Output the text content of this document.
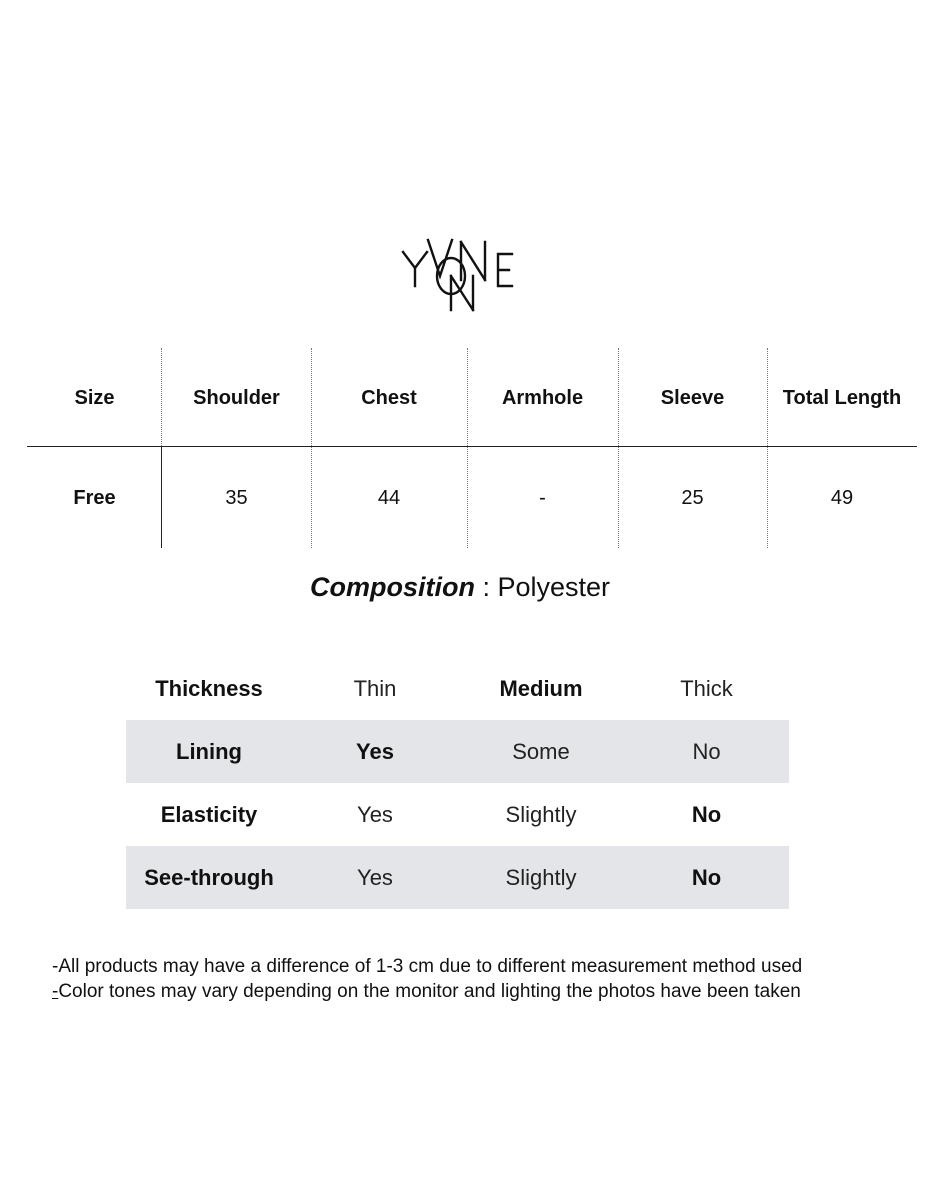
Size	Shoulder	Chest	Armhole	Sleeve	Total Length
Free	35	44	-	25	49
Composition : Polyester
Thickness	Thin	Medium	Thick
Lining	Yes	Some	No
Elasticity	Yes	Slightly	No
See-through	Yes	Slightly	No
-All products may have a difference of 1-3 cm due to different measurement method used
-Color tones may vary depending on the monitor and lighting the photos have been taken
